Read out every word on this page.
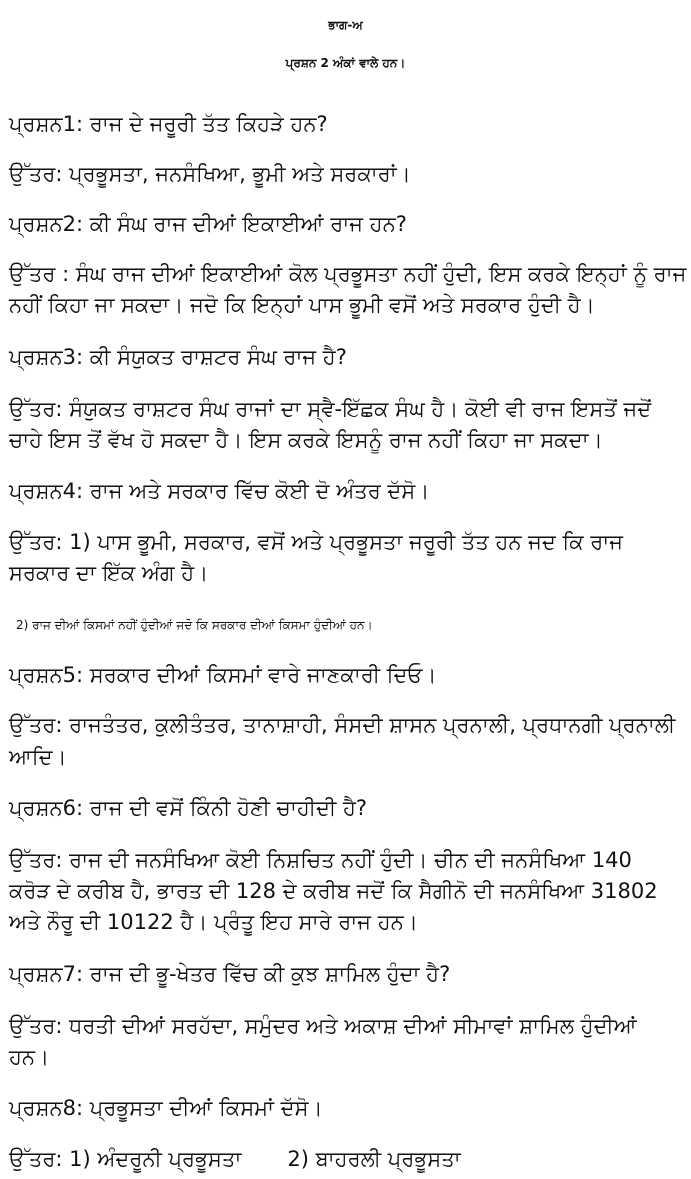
ਭਾਗ-ਅ
ਪ੍ਰਸ਼ਨ 2 ਅੰਕਾਂ ਵਾਲੇ ਹਨ।
ਪ੍ਰਸ਼ਨ1: ਰਾਜ ਦੇ ਜਰੂਰੀ ਤੱਤ ਕਿਹੜੇ ਹਨ?
ਉੱਤਰ: ਪ੍ਰਭੂਸਤਾ, ਜਨਸੰਖਿਆ, ਭੂਮੀ ਅਤੇ ਸਰਕਾਰਾਂ।
ਪ੍ਰਸ਼ਨ2: ਕੀ ਸੰਘ ਰਾਜ ਦੀਆਂ ਇਕਾਈਆਂ ਰਾਜ ਹਨ?
ਉੱਤਰ : ਸੰਘ ਰਾਜ ਦੀਆਂ ਇਕਾਈਆਂ ਕੋਲ ਪ੍ਰਭੂਸਤਾ ਨਹੀਂ ਹੁੰਦੀ, ਇਸ ਕਰਕੇ ਇਨ੍ਹਾਂ ਨੂੰ ਰਾਜ
ਨਹੀਂ ਕਿਹਾ ਜਾ ਸਕਦਾ। ਜਦੋ ਕਿ ਇਨ੍ਹਾਂ ਪਾਸ ਭੂਮੀ ਵਸੋਂ ਅਤੇ ਸਰਕਾਰ ਹੁੰਦੀ ਹੈ।
ਪ੍ਰਸ਼ਨ3: ਕੀ ਸੰਯੁਕਤ ਰਾਸ਼ਟਰ ਸੰਘ ਰਾਜ ਹੈ?
ਉੱਤਰ: ਸੰਯੁਕਤ ਰਾਸ਼ਟਰ ਸੰਘ ਰਾਜਾਂ ਦਾ ਸ੍ਵੈ-ਇੱਛਕ ਸੰਘ ਹੈ। ਕੋਈ ਵੀ ਰਾਜ ਇਸਤੋਂ ਜਦੋਂ
ਚਾਹੇ ਇਸ ਤੋਂ ਵੱਖ ਹੋ ਸਕਦਾ ਹੈ। ਇਸ ਕਰਕੇ ਇਸਨੂੰ ਰਾਜ ਨਹੀਂ ਕਿਹਾ ਜਾ ਸਕਦਾ।
ਪ੍ਰਸ਼ਨ4: ਰਾਜ ਅਤੇ ਸਰਕਾਰ ਵਿੱਚ ਕੋਈ ਦੋ ਅੰਤਰ ਦੱਸੋ।
ਉੱਤਰ: 1) ਪਾਸ ਭੂਮੀ, ਸਰਕਾਰ, ਵਸੋਂ ਅਤੇ ਪ੍ਰਭੂਸਤਾ ਜਰੂਰੀ ਤੱਤ ਹਨ ਜਦ ਕਿ ਰਾਜ
ਸਰਕਾਰ ਦਾ ਇੱਕ ਅੰਗ ਹੈ।
2) ਰਾਜ ਦੀਆਂ ਕਿਸਮਾਂ ਨਹੀਂ ਹੁੰਦੀਆਂ ਜਦੋ ਕਿ ਸਰਕਾਰ ਦੀਆਂ ਕਿਸਮਾ ਹੁੰਦੀਆਂ ਹਨ।
ਪ੍ਰਸ਼ਨ5: ਸਰਕਾਰ ਦੀਆਂ ਕਿਸਮਾਂ ਵਾਰੇ ਜਾਣਕਾਰੀ ਦਿਓ।
ਉੱਤਰ: ਰਾਜਤੰਤਰ, ਕੁਲੀਤੰਤਰ, ਤਾਨਾਸ਼ਾਹੀ, ਸੰਸਦੀ ਸ਼ਾਸਨ ਪ੍ਰਨਾਲੀ, ਪ੍ਰਧਾਨਗੀ ਪ੍ਰਨਾਲੀ
ਆਦਿ।
ਪ੍ਰਸ਼ਨ6: ਰਾਜ ਦੀ ਵਸੋਂ ਕਿੰਨੀ ਹੋਣੀ ਚਾਹੀਦੀ ਹੈ?
ਉੱਤਰ: ਰਾਜ ਦੀ ਜਨਸੰਖਿਆ ਕੋਈ ਨਿਸ਼ਚਿਤ ਨਹੀਂ ਹੁੰਦੀ। ਚੀਨ ਦੀ ਜਨਸੰਖਿਆ 140
ਕਰੋੜ ਦੇ ਕਰੀਬ ਹੈ, ਭਾਰਤ ਦੀ 128 ਦੇ ਕਰੀਬ ਜਦੋਂ ਕਿ ਸੈਗੀਨੋ ਦੀ ਜਨਸੰਖਿਆ 31802
ਅਤੇ ਨੌਰੂ ਦੀ 10122 ਹੈ। ਪ੍ਰੰਤੂ ਇਹ ਸਾਰੇ ਰਾਜ ਹਨ।
ਪ੍ਰਸ਼ਨ7: ਰਾਜ ਦੀ ਭੂ-ਖੇਤਰ ਵਿੱਚ ਕੀ ਕੁਝ ਸ਼ਾਮਿਲ ਹੁੰਦਾ ਹੈ?
ਉੱਤਰ: ਧਰਤੀ ਦੀਆਂ ਸਰਹੱਦਾ, ਸਮੁੰਦਰ ਅਤੇ ਅਕਾਸ਼ ਦੀਆਂ ਸੀਮਾਵਾਂ ਸ਼ਾਮਿਲ ਹੁੰਦੀਆਂ
ਹਨ।
ਪ੍ਰਸ਼ਨ8: ਪ੍ਰਭੂਸਤਾ ਦੀਆਂ ਕਿਸਮਾਂ ਦੱਸੋ।
ਉੱਤਰ: 1) ਅੰਦਰੂਨੀ ਪ੍ਰਭੂਸਤਾ 2) ਬਾਹਰਲੀ ਪ੍ਰਭੂਸਤਾ
